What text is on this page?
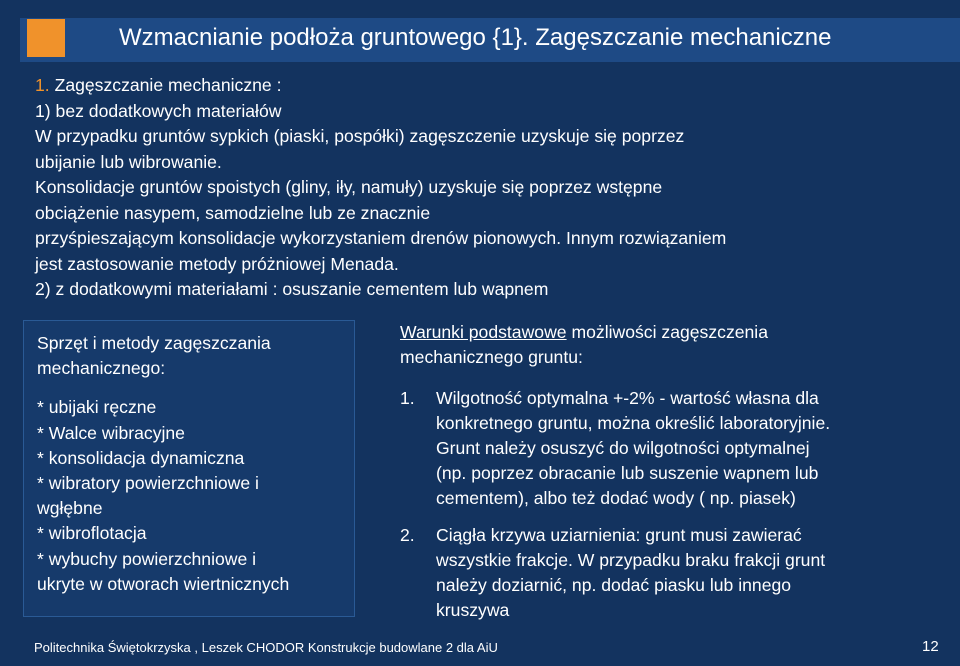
Wzmacnianie podłoża gruntowego {1}. Zagęszczanie mechaniczne
1. Zagęszczanie mechaniczne :
1) bez dodatkowych materiałów
W przypadku gruntów sypkich (piaski, pospółki) zagęszczenie uzyskuje się poprzez
ubijanie lub wibrowanie.
Konsolidacje gruntów spoistych (gliny, iły, namuły) uzyskuje się poprzez wstępne
obciążenie nasypem, samodzielne lub ze znacznie
przyśpieszającym konsolidacje wykorzystaniem drenów pionowych. Innym rozwiązaniem
jest zastosowanie metody próżniowej Menada.
2) z dodatkowymi materiałami : osuszanie cementem lub wapnem
Sprzęt i metody zagęszczania
mechanicznego:
* ubijaki ręczne
* Walce wibracyjne
* konsolidacja dynamiczna
* wibratory powierzchniowe i
wgłębne
* wibroflotacja
* wybuchy powierzchniowe i
ukryte w otworach wiertnicznych
Warunki podstawowe możliwości zagęszczenia
mechanicznego gruntu:
1. Wilgotność optymalna +-2% - wartość własna dla
konkretnego gruntu, można określić laboratoryjnie.
Grunt należy osuszyć do wilgotności optymalnej
(np. poprzez obracanie lub suszenie wapnem lub
cementem), albo też dodać wody ( np. piasek)
2. Ciągła krzywa uziarnienia: grunt musi zawierać
wszystkie frakcje. W przypadku braku frakcji grunt
należy doziarnić, np. dodać piasku lub innego
kruszywa
Politechnika Świętokrzyska , Leszek CHODOR Konstrukcje budowlane 2 dla AiU	12
